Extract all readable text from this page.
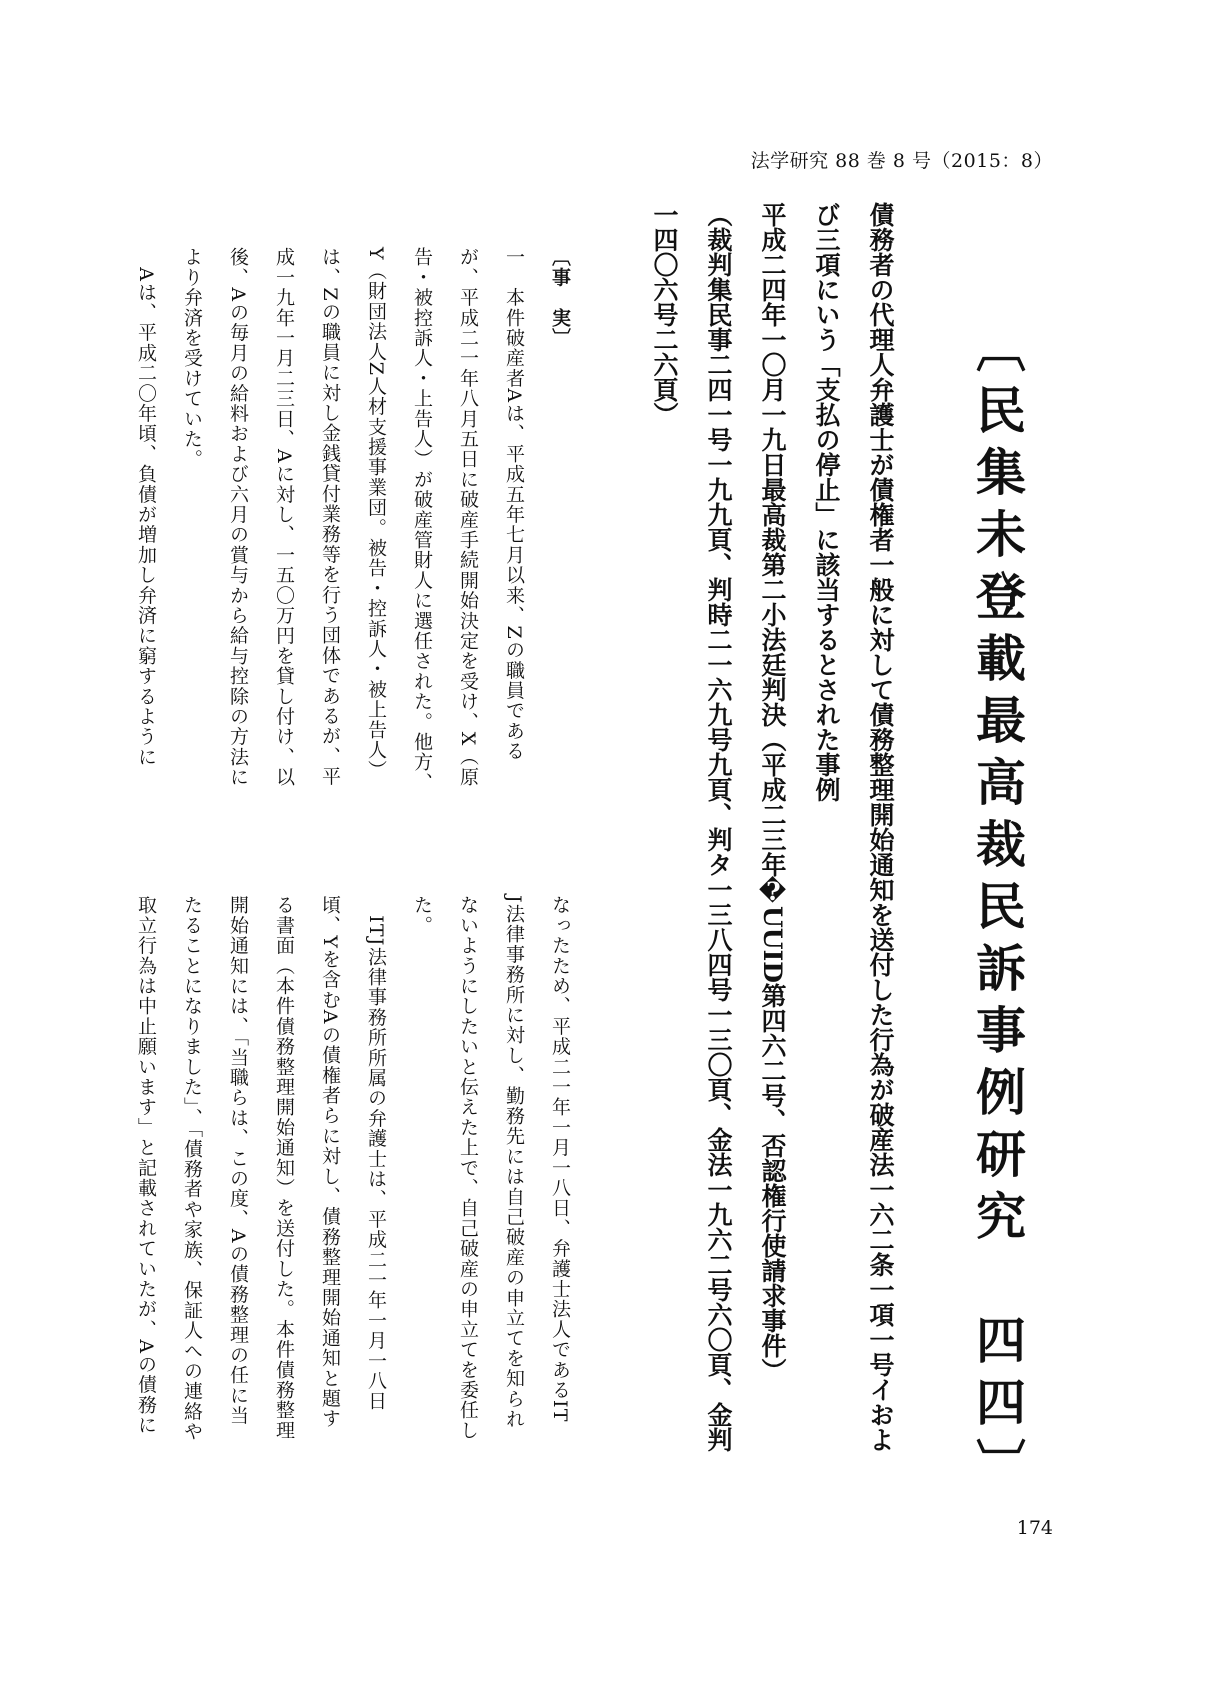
法学研究 88 巻 8 号（2015：8）
〔民集未登載最高裁民訴事例研究　四四〕
債務者の代理人弁護士が債権者一般に対して債務整理開始通知を送付した行為が破産法一六二条一項一号イおよ
び三項にいう「支払の停止」に該当するとされた事例
平成二四年一〇月一九日最高裁第二小法廷判決（平成二三年�UUID第四六二号、否認権行使請求事件）
（裁判集民事二四一号一九九頁、判時二一六九号九頁、判タ一三八四号一三〇頁、金法一九六二号六〇頁、金判
一四〇六号二六頁）
〔事　実〕
一　本件破産者Aは、平成五年七月以来、Zの職員である
が、平成二一年八月五日に破産手続開始決定を受け、X（原
告・被控訴人・上告人）が破産管財人に選任された。他方、
Y（財団法人Z人材支援事業団。被告・控訴人・被上告人）
は、Zの職員に対し金銭貸付業務等を行う団体であるが、平
成一九年一月二三日、Aに対し、一五〇万円を貸し付け、以
後、Aの毎月の給料および六月の賞与から給与控除の方法に
より弁済を受けていた。
　Aは、平成二〇年頃、負債が増加し弁済に窮するように
なったため、平成二一年一月一八日、弁護士法人であるIT
J法律事務所に対し、勤務先には自己破産の申立てを知られ
ないようにしたいと伝えた上で、自己破産の申立てを委任し
た。
　ITJ法律事務所所属の弁護士は、平成二一年一月一八日
頃、Yを含むAの債権者らに対し、債務整理開始通知と題す
る書面（本件債務整理開始通知）を送付した。本件債務整理
開始通知には、「当職らは、この度、Aの債務整理の任に当
たることになりました」、「債務者や家族、保証人への連絡や
取立行為は中止願います」と記載されていたが、Aの債務に
174
